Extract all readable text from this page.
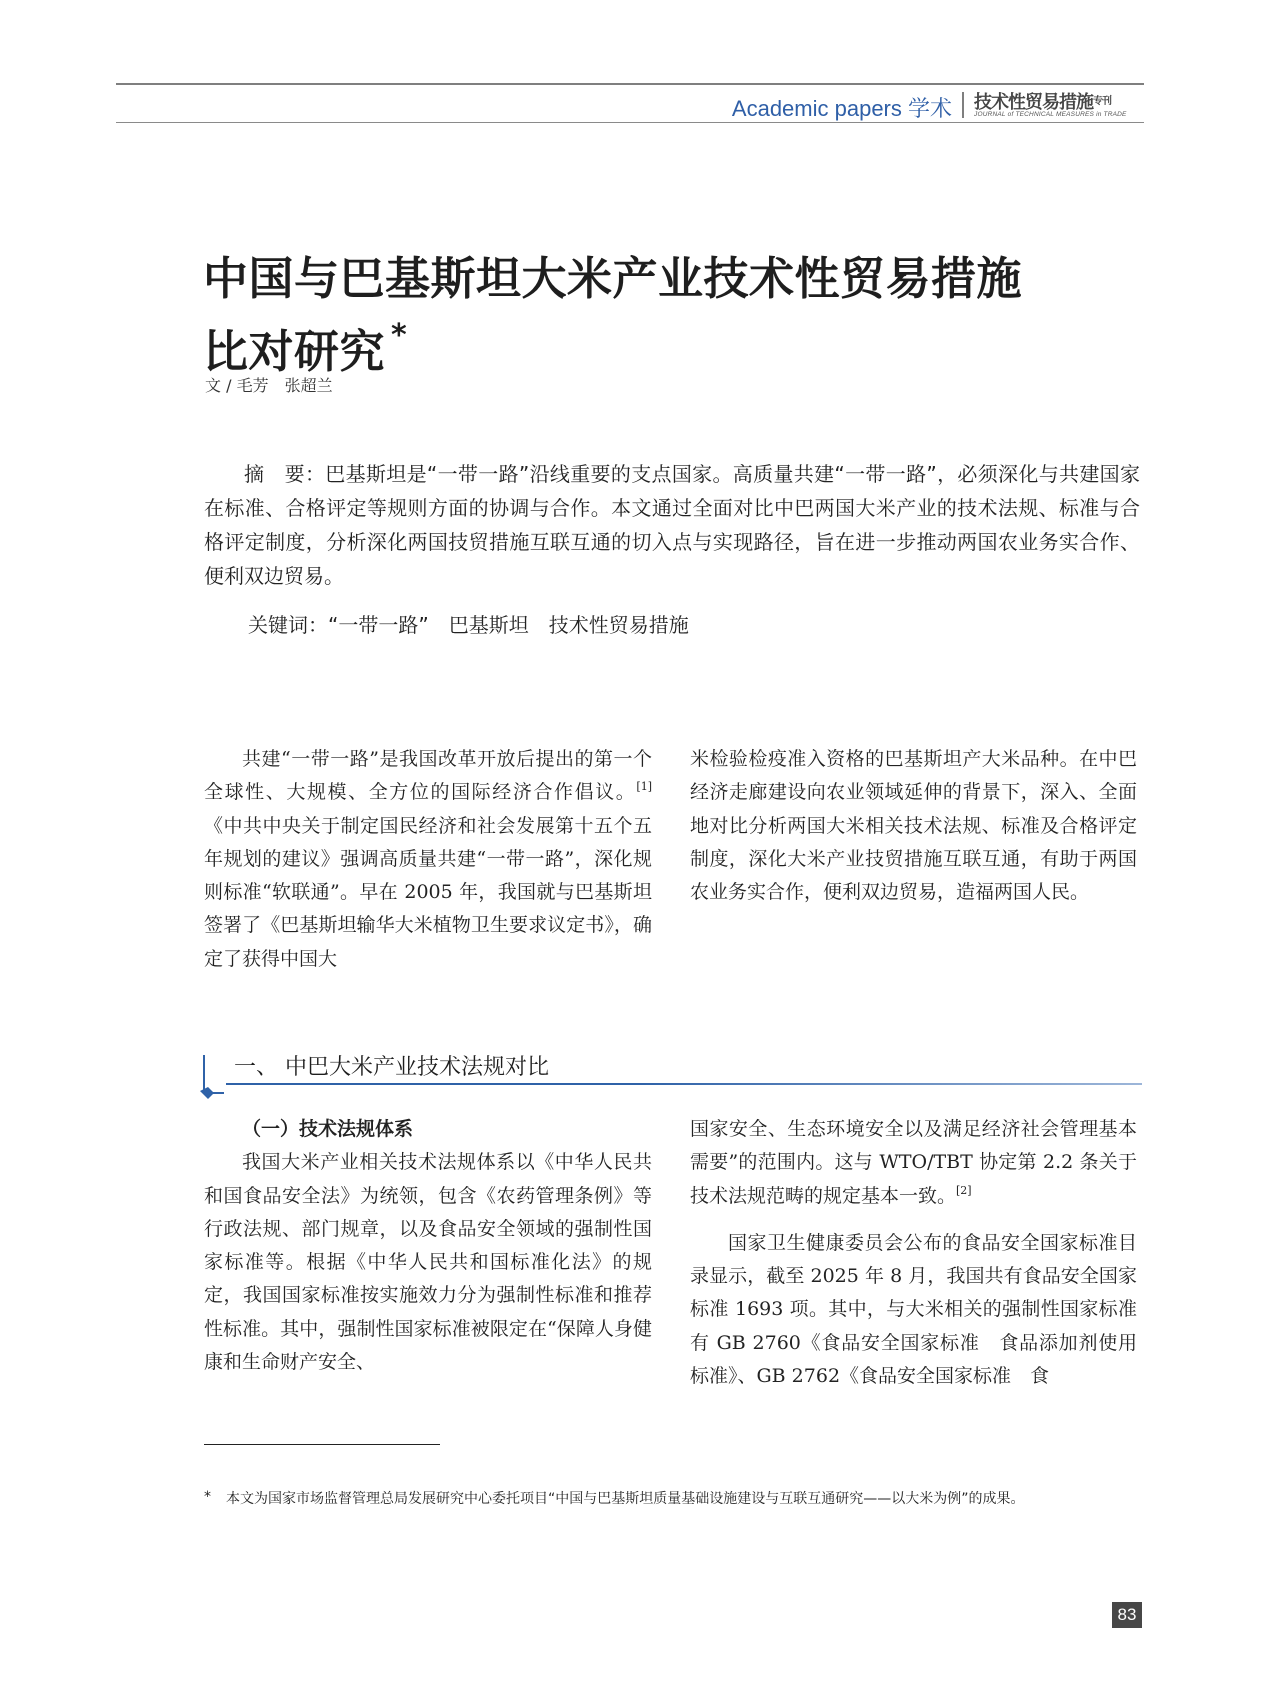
Academic papers 学术 技术性贸易措施$^{专刊}$
JOURNAL of TECHNICAL MEASURES in TRADE
中国与巴基斯坦大米产业技术性贸易措施
比对研究 *
文 / 毛芳　张超兰

摘　要：巴基斯坦是“一带一路”沿线重要的支点国家。高质量共建“一带一路”，必须深化与共建国家在标准、合格评定等规则方面的协调与合作。本文通过全面对比中巴两国大米产业的技术法规、标准与合格评定制度，分析深化两国技贸措施互联互通的切入点与实现路径，旨在进一步推动两国农业务实合作、便利双边贸易。

关键词：“一带一路”　巴基斯坦　技术性贸易措施

共建“一带一路”是我国改革开放后提出的第一个全球性、大规模、全方位的国际经济合作倡议。[1]《中共中央关于制定国民经济和社会发展第十五个五年规划的建议》强调高质量共建“一带一路”，深化规则标准“软联通”。早在 2005 年，我国就与巴基斯坦签署了《巴基斯坦输华大米植物卫生要求议定书》，确定了获得中国大

米检验检疫准入资格的巴基斯坦产大米品种。在中巴经济走廊建设向农业领域延伸的背景下，深入、全面地对比分析两国大米相关技术法规、标准及合格评定制度，深化大米产业技贸措施互联互通，有助于两国农业务实合作，便利双边贸易，造福两国人民。

一、 中巴大米产业技术法规对比

（一）技术法规体系

我国大米产业相关技术法规体系以《中华人民共和国食品安全法》为统领，包含《农药管理条例》等行政法规、部门规章，以及食品安全领域的强制性国家标准等。根据《中华人民共和国标准化法》的规定，我国国家标准按实施效力分为强制性标准和推荐性标准。其中，强制性国家标准被限定在“保障人身健康和生命财产安全、

国家安全、生态环境安全以及满足经济社会管理基本需要”的范围内。这与 WTO/TBT 协定第 2.2 条关于技术法规范畴的规定基本一致。[2]

国家卫生健康委员会公布的食品安全国家标准目录显示，截至 2025 年 8 月，我国共有食品安全国家标准 1693 项。其中，与大米相关的强制性国家标准有 GB 2760《食品安全国家标准　食品添加剂使用标准》、GB 2762《食品安全国家标准　食

* 本文为国家市场监督管理总局发展研究中心委托项目“中国与巴基斯坦质量基础设施建设与互联互通研究——以大米为例”的成果。
83
